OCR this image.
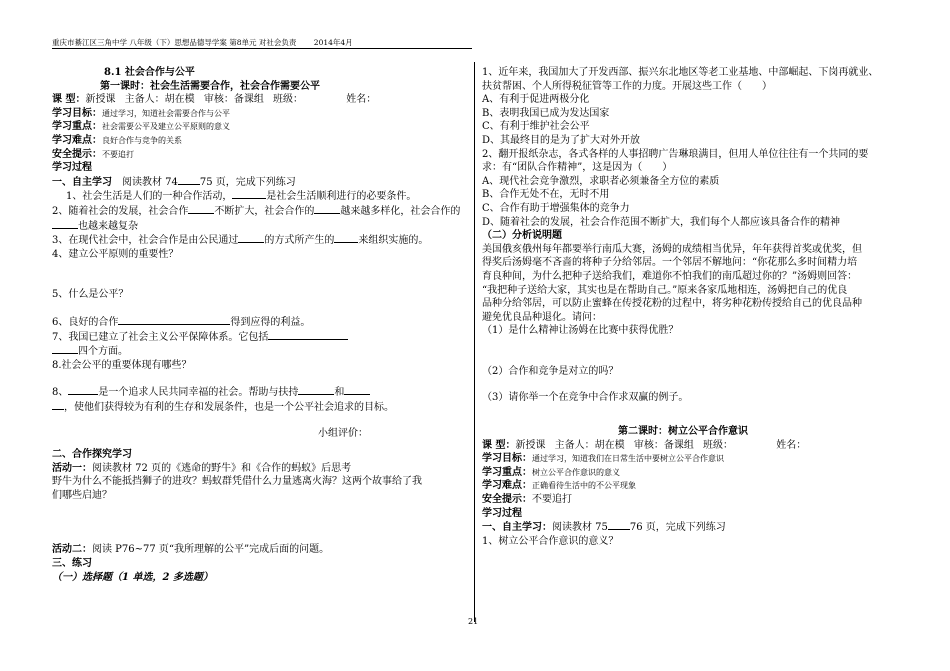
重庆市綦江区三角中学 八年级（下）思想品德导学案 第8单元 对社会负责 　　2014年4月
8.1 社会合作与公平
第一课时：社会生活需要合作，社会合作需要公平
课 型：新授课 主备人：胡在模 审核：备课组 班级：	姓名：
学习目标：通过学习，知道社会需要合作与公平
学习重点：社会需要公平及建立公平原则的意义
学习难点：良好合作与竞争的关系
安全提示：不要追打
学习过程
一、自主学习　 阅读教材 74 75 页，完成下列练习
1、社会生活是人们的一种合作活动，	是社会生活顺利进行的必要条件。
2、随着社会的发展，社会合作	不断扩大，社会合作的	越来越多样化，社会合作的
也越来越复杂
3、在现代社会中，社会合作是由公民通过	的方式所产生的 来组织实施的。
4、建立公平原则的重要性？
5、什么是公平？
6、良好的合作	得到应得的利益。
7、我国已建立了社会主义公平保障体系。它包括
四个方面。
8.社会公平的重要体现有哪些？
8、	是一个追求人民共同幸福的社会。帮助与扶持	和
，使他们获得较为有利的生存和发展条件，也是一个公平社会追求的目标。
小组评价：
二、合作探究学习
活动一：阅读教材 72 页的《逃命的野牛》和《合作的蚂蚁》后思考
野牛为什么不能抵挡狮子的进攻？蚂蚁群凭借什么力量逃离火海？这两个故事给了我
们哪些启迪？
活动二：阅读 P76~77 页“我所理解的公平”完成后面的问题。
三、练习
（一）选择题（1 单选，2 多选题）
1、近年来，我国加大了开发西部、振兴东北地区等老工业基地、中部崛起、下岗再就业、
扶贫帮困、个人所得税征管等工作的力度。开展这些工作（　　）
A、有利于促进两极分化
B、表明我国已成为发达国家
C、有利于维护社会公平
D、其最终目的是为了扩大对外开放
2、翻开报纸杂志，各式各样的人事招聘广告琳琅满目，但用人单位往往有一个共同的要
求：有“团队合作精神”，这是因为（　　）
A、现代社会竞争激烈，求职者必须兼备全方位的素质
B、合作无处不在，无时不用
C、合作有助于增强集体的竞争力
D、随着社会的发展，社会合作范围不断扩大，我们每个人都应该具备合作的精神
（二）分析说明题
美国俄亥俄州每年都要举行南瓜大赛，汤姆的成绩相当优异，年年获得首奖或优奖，但
得奖后汤姆毫不吝啬的将种子分给邻居。一个邻居不解地问：“你花那么多时间精力培
育良种间，为什么把种子送给我们，难道你不怕我们的南瓜超过你的？”汤姆则回答：
“我把种子送给大家，其实也是在帮助自己。”原来各家瓜地相连，汤姆把自己的优良
品种分给邻居，可以防止蜜蜂在传授花粉的过程中，将劣种花粉传授给自己的优良品种
避免优良品种退化。请问：
（1）是什么精神让汤姆在比赛中获得优胜？
（2）合作和竞争是对立的吗？
（3）请你举一个在竞争中合作求双赢的例子。
第二课时：树立公平合作意识
课 型：新授课 主备人：胡在模 审核：备课组 班级：	姓名：
学习目标：通过学习，知道我们在日常生活中要树立公平合作意识
学习重点：树立公平合作意识的意义
学习难点：正确看待生活中的不公平现象
安全提示：不要追打
学习过程
一、自主学习：阅读教材 75 76 页，完成下列练习
1、树立公平合作意识的意义？
21
